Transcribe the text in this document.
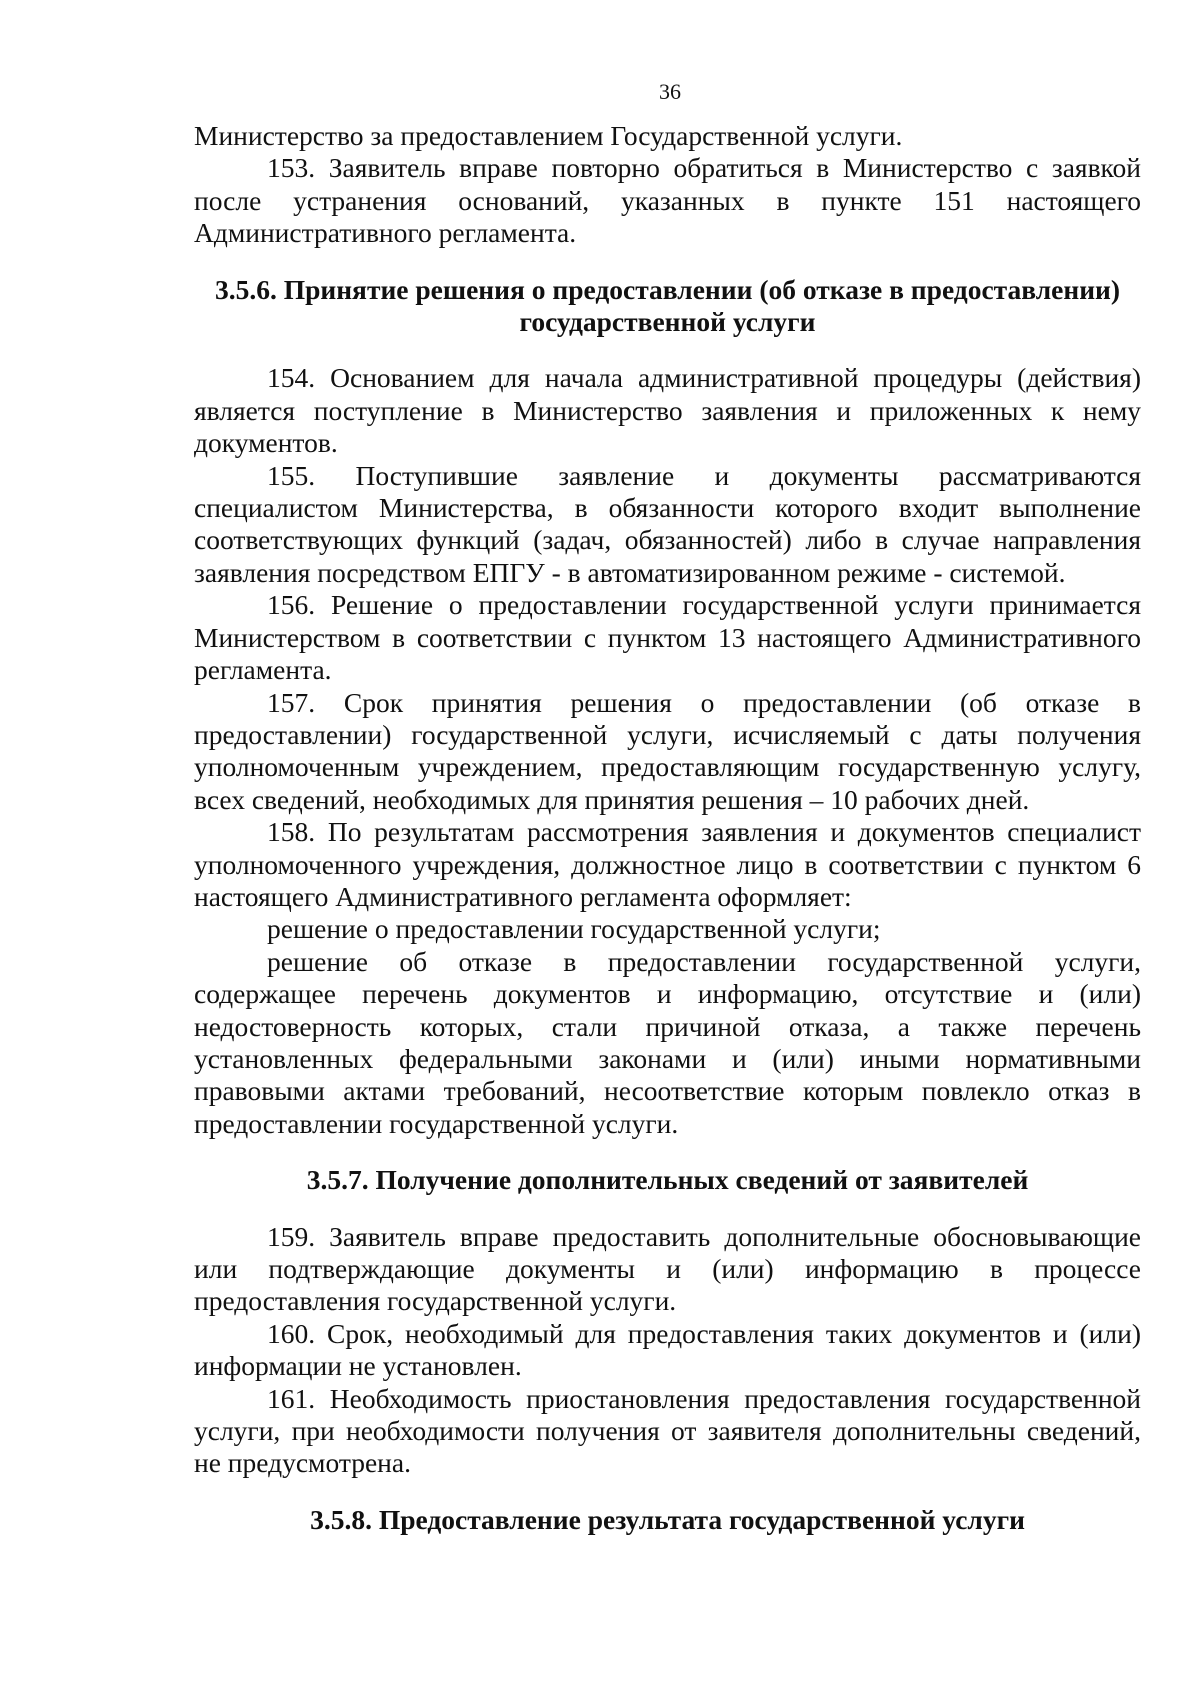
36

Министерство за предоставлением Государственной услуги.

153. Заявитель вправе повторно обратиться в Министерство с заявкой после устранения оснований, указанных в пункте 151 настоящего Административного регламента.

3.5.6. Принятие решения о предоставлении (об отказе в предоставлении) государственной услуги

154. Основанием для начала административной процедуры (действия) является поступление в Министерство заявления и приложенных к нему документов.

155. Поступившие заявление и документы рассматриваются специалистом Министерства, в обязанности которого входит выполнение соответствующих функций (задач, обязанностей) либо в случае направления заявления посредством ЕПГУ - в автоматизированном режиме - системой.

156. Решение о предоставлении государственной услуги принимается Министерством в соответствии с пунктом 13 настоящего Административного регламента.

157. Срок принятия решения о предоставлении (об отказе в предоставлении) государственной услуги, исчисляемый с даты получения уполномоченным учреждением, предоставляющим государственную услугу, всех сведений, необходимых для принятия решения – 10 рабочих дней.

158. По результатам рассмотрения заявления и документов специалист уполномоченного учреждения, должностное лицо в соответствии с пунктом 6 настоящего Административного регламента оформляет:

решение о предоставлении государственной услуги;

решение об отказе в предоставлении государственной услуги, содержащее перечень документов и информацию, отсутствие и (или) недостоверность которых, стали причиной отказа, а также перечень установленных федеральными законами и (или) иными нормативными правовыми актами требований, несоответствие которым повлекло отказ в предоставлении государственной услуги.

3.5.7. Получение дополнительных сведений от заявителей

159. Заявитель вправе предоставить дополнительные обосновывающие или подтверждающие документы и (или) информацию в процессе предоставления государственной услуги.

160. Срок, необходимый для предоставления таких документов и (или) информации не установлен.

161. Необходимость приостановления предоставления государственной услуги, при необходимости получения от заявителя дополнительны сведений, не предусмотрена.

3.5.8. Предоставление результата государственной услуги
